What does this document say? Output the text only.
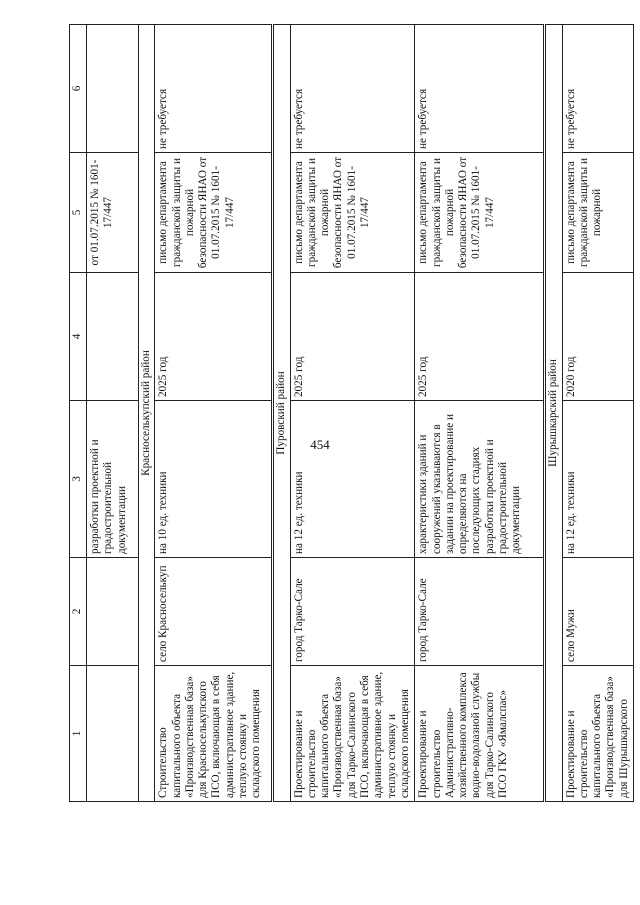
454
1	2	3	4	5	6
		разработки проектной и градостроительной документации		от 01.07.2015 № 1601-17/447	
Красноселькупский район					
Строительство капитального объекта «Производственная база» для Красноселькупского ПСО, включающая в себя административное здание, теплую стоянку и складского помещения	село Красноселькуп	на 10 ед. техники	2025 год	письмо департамента гражданской защиты и пожарной безопасности ЯНАО от 01.07.2015 № 1601-17/447	не требуется
Пуровский район					
Проектирование и строительство капитального объекта «Производственная база» для Тарко-Салинского ПСО, включающая в себя административное здание, теплую стоянку и складского помещения	город Тарко-Сале	на 12 ед. техники	2025 год	письмо департамента гражданской защиты и пожарной безопасности ЯНАО от 01.07.2015 № 1601-17/447	не требуется
Проектирование и строительство Административно-хозяйственного комплекса водно-водолазной службы для Тарко-Салинского ПСО ГКУ «Ямалспас»	город Тарко-Сале	характеристики зданий и сооружений указываются в задании на проектирование и определяются на последующих стадиях разработки проектной и градостроительной документации	2025 год	письмо департамента гражданской защиты и пожарной безопасности ЯНАО от 01.07.2015 № 1601-17/447	не требуется
Шурышкарский район					
Проектирование и строительство капитального объекта «Производственная база» для Шурышкарского	село Мужи	на 12 ед. техники	2020 год	письмо департамента гражданской защиты и пожарной	не требуется
